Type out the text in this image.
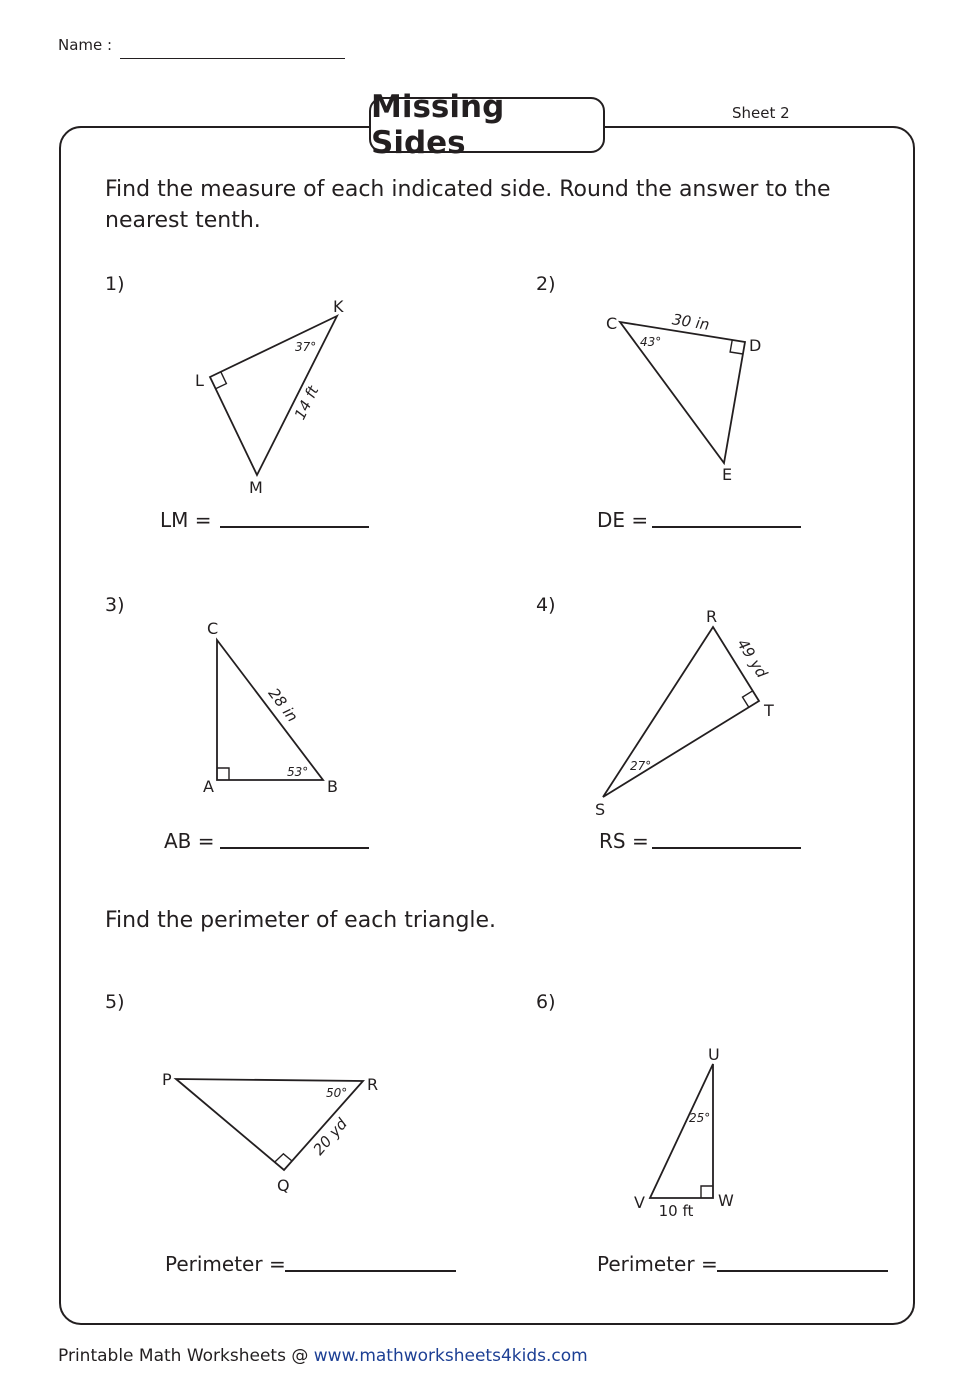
Name :
Missing Sides
Sheet 2
Find the measure of each indicated side. Round the answer to the nearest tenth.
Find the perimeter of each triangle.
1)	2)
3)	4)
5)	6)
LM =	DE =
AB =	RS =
Perimeter =	Perimeter =
K
L
M
37°
14 ft
C
D
E
43°
30 in
C
A	B
53°
28 in
R
T
S
27°
49 yd
P	R
Q
50°
20 yd
U
V	W
25°
10 ft
Printable Math Worksheets @ www.mathworksheets4kids.com
